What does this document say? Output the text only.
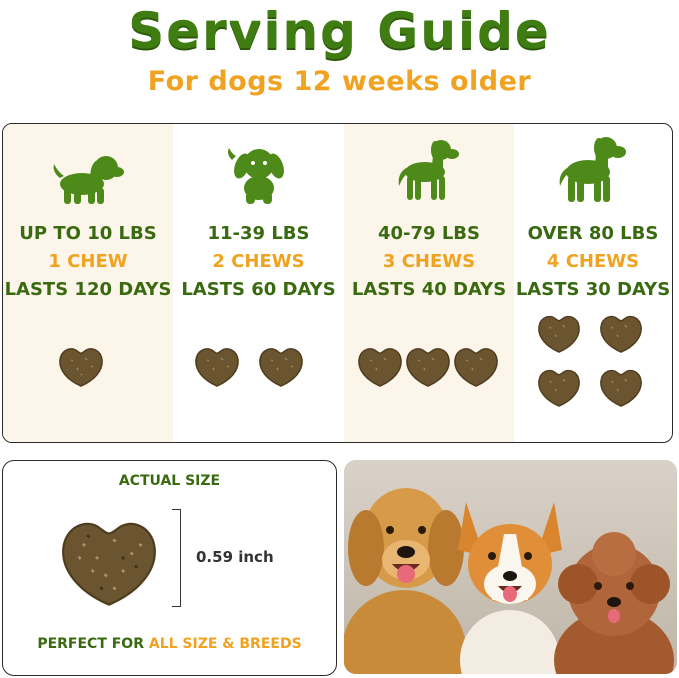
Serving Guide
For dogs 12 weeks older
UP TO 10 LBS
1 CHEW
LASTS 120 DAYS
11-39 LBS
2 CHEWS
LASTS 60 DAYS
40-79 LBS
3 CHEWS
LASTS 40 DAYS
OVER 80 LBS
4 CHEWS
LASTS 30 DAYS
ACTUAL SIZE
0.59 inch
PERFECT FOR ALL SIZE & BREEDS
